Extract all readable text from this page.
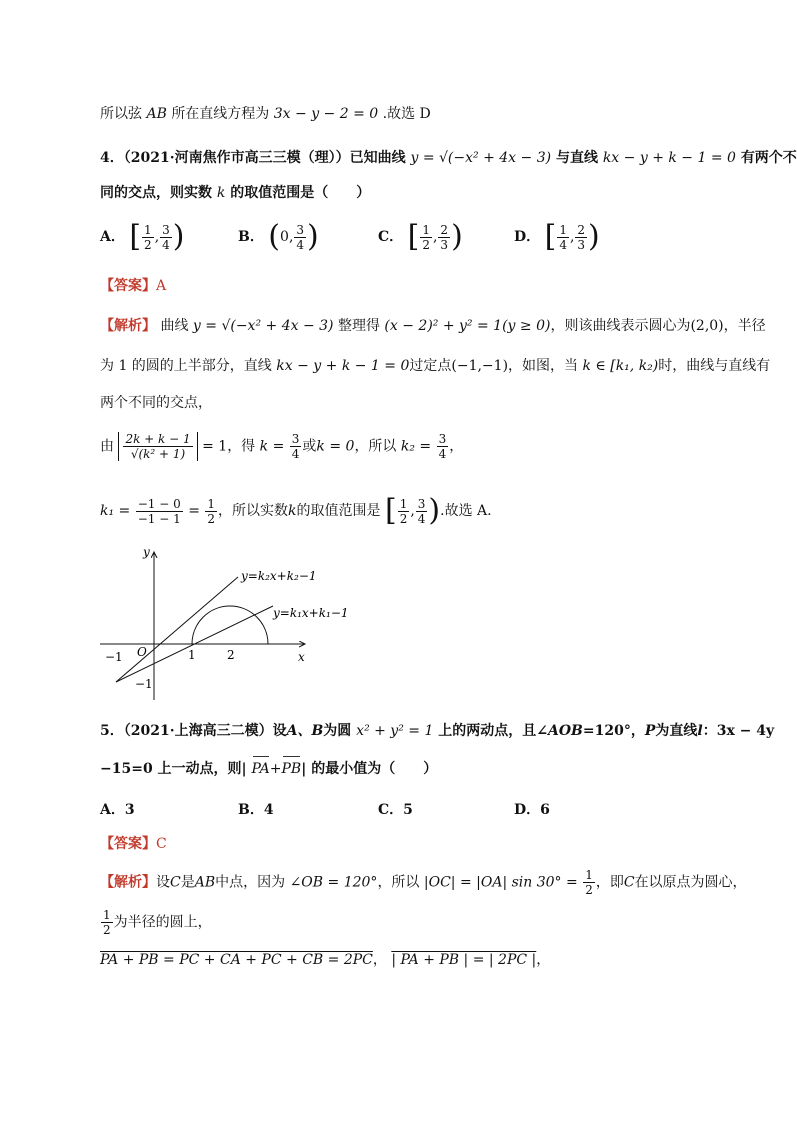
所以弦 AB 所在直线方程为 3x − y − 2 = 0 .故选 D
4．（2021·河南焦作市高三三模（理））已知曲线 y = √(−x² + 4x − 3) 与直线 kx − y + k − 1 = 0 有两个不
同的交点，则实数 k 的取值范围是（　　）
A． [ $\frac{1}{2}$ , $\frac{3}{4}$ )	B． (0, $\frac{3}{4}$ )	C． [ $\frac{1}{2}$ , $\frac{2}{3}$ )	D． [ $\frac{1}{4}$ , $\frac{2}{3}$ )
【答案】A
【解析】 曲线 y = √(−x² + 4x − 3) 整理得 (x − 2)² + y² = 1(y ≥ 0)，则该曲线表示圆心为(2,0)，半径
为 1 的圆的上半部分，直线 kx − y + k − 1 = 0过定点(−1,−1)，如图，当 k ∈ [k₁, k₂)时，曲线与直线有
两个不同的交点，
由 $\frac{2k + k - 1}{\text{√(k² + 1)}} = 1$，得 $k = \frac{3}{4}$ 或k = 0，所以 $k_2 = \frac{3}{4}$ ，
$k_1 = \frac{-1 - 0}{-1 - 1} = \frac{1}{2}$ ，所以实数k的取值范围是 [ $\frac{1}{2}$ , $\frac{3}{4}$ ).故选 A.
y
x
O
−1	1	2
−1
y=k₂x+k₂−1
y=k₁x+k₁−1
5．（2021·上海高三二模）设A、B为圆 x² + y² = 1 上的两动点，且∠AOB=120°，P为直线l：3x − 4y
−15=0 上一动点，则| PA+PB| 的最小值为（　　）
A．3	B．4	C．5	D．6
【答案】C
【解析】设C是AB中点，因为 ∠OB = 120°，所以 |OC| = |OA| $\sin 30^\circ = \frac{1}{2}$ ，即C在以原点为圆心，
$\frac{1}{2}$ 为半径的圆上，
PA + PB = PC + CA + PC + CB = 2PC， | PA + PB | = | 2PC |，
